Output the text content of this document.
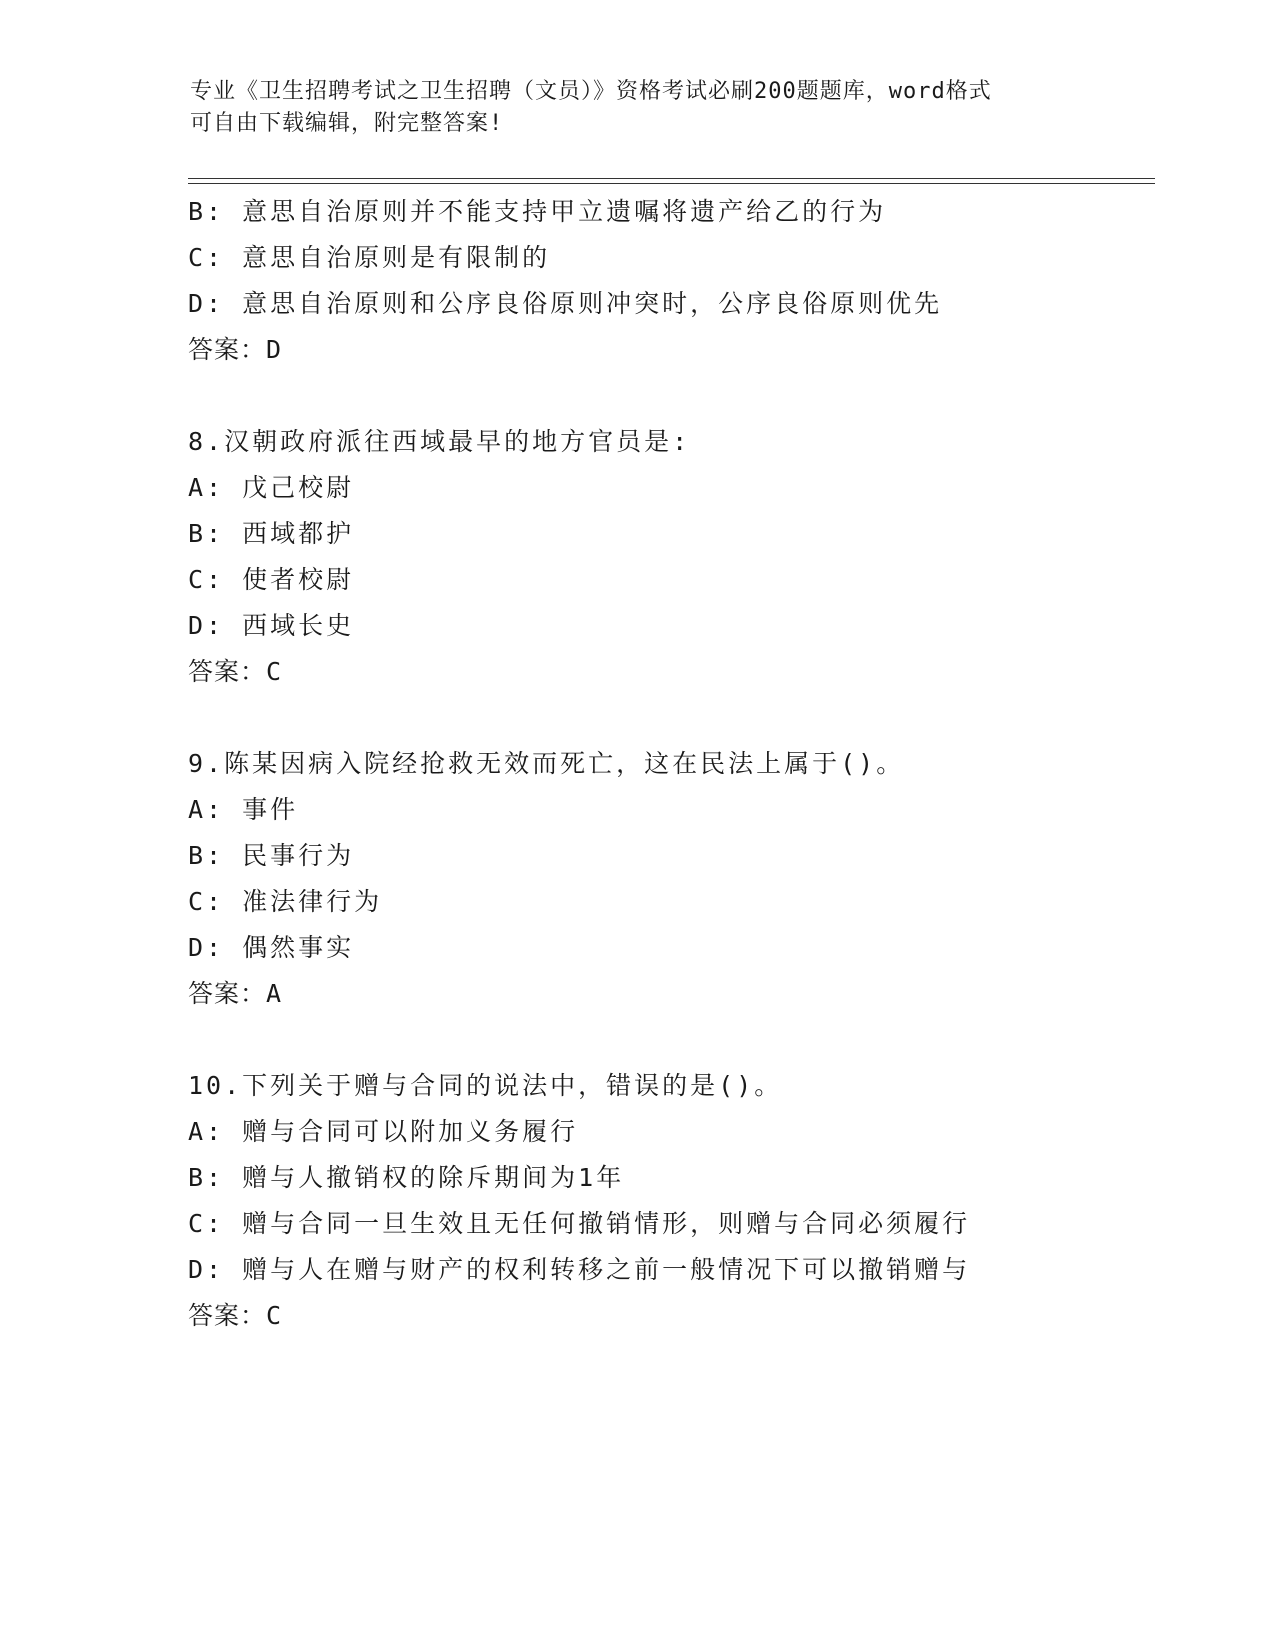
专业《卫生招聘考试之卫生招聘（文员）》资格考试必刷200题题库，word格式
可自由下载编辑，附完整答案!
B: 意思自治原则并不能支持甲立遗嘱将遗产给乙的行为
C: 意思自治原则是有限制的
D: 意思自治原则和公序良俗原则冲突时，公序良俗原则优先
答案：D
8.汉朝政府派往西域最早的地方官员是:
A: 戊己校尉
B: 西域都护
C: 使者校尉
D: 西域长史
答案：C
9.陈某因病入院经抢救无效而死亡，这在民法上属于()。
A: 事件
B: 民事行为
C: 准法律行为
D: 偶然事实
答案：A
10.下列关于赠与合同的说法中，错误的是()。
A: 赠与合同可以附加义务履行
B: 赠与人撤销权的除斥期间为1年
C: 赠与合同一旦生效且无任何撤销情形，则赠与合同必须履行
D: 赠与人在赠与财产的权利转移之前一般情况下可以撤销赠与
答案：C
